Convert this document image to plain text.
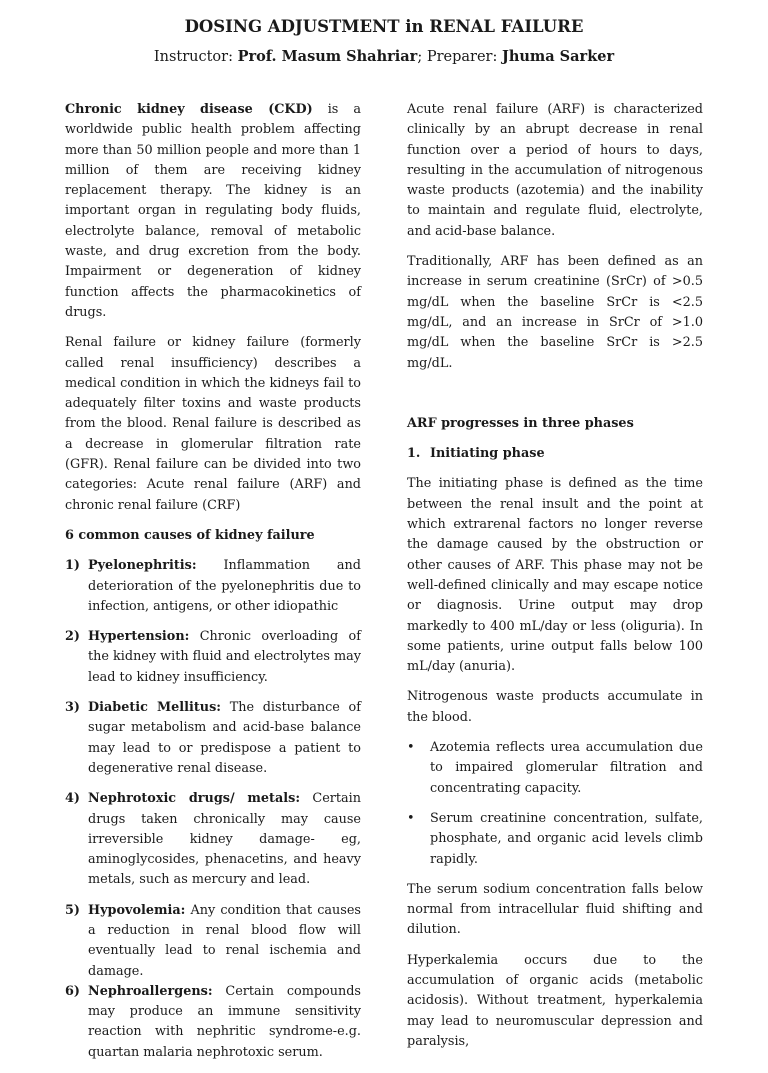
DOSING ADJUSTMENT in RENAL FAILURE
Instructor: Prof. Masum Shahriar; Preparer: Jhuma Sarker

Chronic kidney disease (CKD) is a worldwide public health problem affecting more than 50 million people and more than 1 million of them are receiving kidney replacement therapy. The kidney is an important organ in regulating body fluids, electrolyte balance, removal of metabolic waste, and drug excretion from the body. Impairment or degeneration of kidney function affects the pharmacokinetics of drugs.

Renal failure or kidney failure (formerly called renal insufficiency) describes a medical condition in which the kidneys fail to adequately filter toxins and waste products from the blood. Renal failure is described as a decrease in glomerular filtration rate (GFR). Renal failure can be divided into two categories: Acute renal failure (ARF) and chronic renal failure (CRF)

6 common causes of kidney failure
1) Pyelonephritis: Inflammation and deterioration of the pyelonephritis due to infection, antigens, or other idiopathic
2) Hypertension: Chronic overloading of the kidney with fluid and electrolytes may lead to kidney insufficiency.
3) Diabetic Mellitus: The disturbance of sugar metabolism and acid-base balance may lead to or predispose a patient to degenerative renal disease.
4) Nephrotoxic drugs/ metals: Certain drugs taken chronically may cause irreversible kidney damage- eg, aminoglycosides, phenacetins, and heavy metals, such as mercury and lead.
5) Hypovolemia: Any condition that causes a reduction in renal blood flow will eventually lead to renal ischemia and damage.
6) Nephroallergens: Certain compounds may produce an immune sensitivity reaction with nephritic syndrome-e.g. quartan malaria nephrotoxic serum.

Acute renal failure (ARF) is characterized clinically by an abrupt decrease in renal function over a period of hours to days, resulting in the accumulation of nitrogenous waste products (azotemia) and the inability to maintain and regulate fluid, electrolyte, and acid-base balance.

Traditionally, ARF has been defined as an increase in serum creatinine (SrCr) of >0.5 mg/dL when the baseline SrCr is <2.5 mg/dL, and an increase in SrCr of >1.0 mg/dL when the baseline SrCr is >2.5 mg/dL.

ARF progresses in three phases
1. Initiating phase

The initiating phase is defined as the time between the renal insult and the point at which extrarenal factors no longer reverse the damage caused by the obstruction or other causes of ARF. This phase may not be well-defined clinically and may escape notice or diagnosis. Urine output may drop markedly to 400 mL/day or less (oliguria). In some patients, urine output falls below 100 mL/day (anuria).

Nitrogenous waste products accumulate in the blood.

• Azotemia reflects urea accumulation due to impaired glomerular filtration and concentrating capacity.
• Serum creatinine concentration, sulfate, phosphate, and organic acid levels climb rapidly.

The serum sodium concentration falls below normal from intracellular fluid shifting and dilution.

Hyperkalemia occurs due to the accumulation of organic acids (metabolic acidosis). Without treatment, hyperkalemia may lead to neuromuscular depression and paralysis,
